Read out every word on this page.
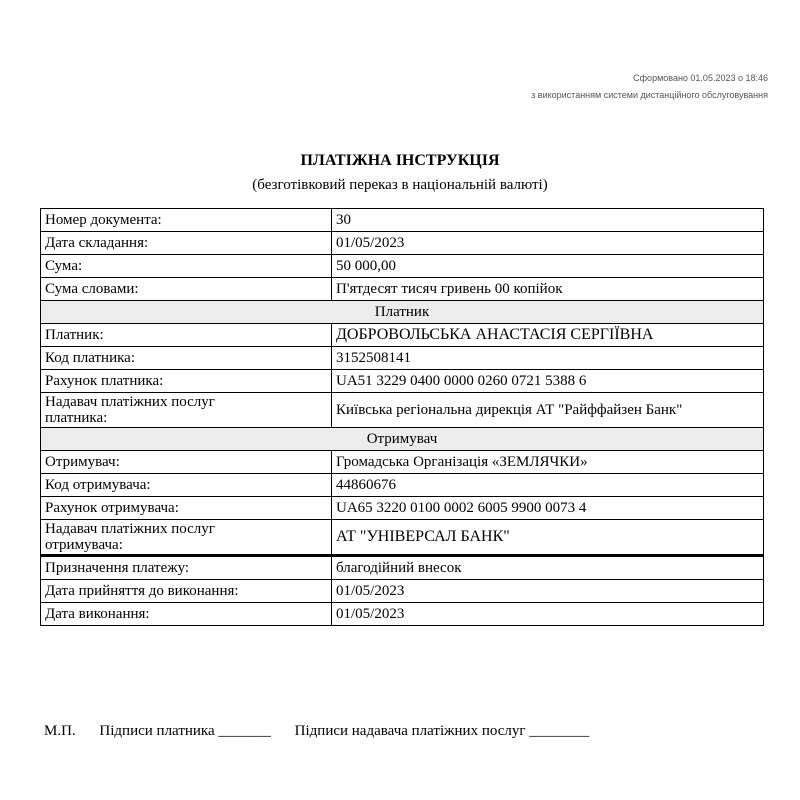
Сформовано 01.05.2023 о 18:46
з використанням системи дистанційного обслуговування
ПЛАТІЖНА ІНСТРУКЦІЯ
(безготівковий переказ в національній валюті)
Номер документа:	30
Дата складання:	01/05/2023
Сума:	50 000,00
Сума словами:	П'ятдесят тисяч гривень 00 копійок
Платник	
Платник:	ДОБРОВОЛЬСЬКА АНАСТАСІЯ СЕРГІЇВНА
Код платника:	3152508141
Рахунок платника:	UA51 3229 0400 0000 0260 0721 5388 6

Надавач платіжних послуг
платника:	Київська регіональна дирекція АТ "Райффайзен Банк"
Отримувач	
Отримувач:	Громадська Організація «ЗЕМЛЯЧКИ»
Код отримувача:	44860676
Рахунок отримувача:	UA65 3220 0100 0002 6005 9900 0073 4

Надавач платіжних послуг
отримувача:	АТ "УНІВЕРСАЛ БАНК"
Призначення платежу:	благодійний внесок
Дата прийняття до виконання:	01/05/2023
Дата виконання:	01/05/2023
М.П. Підписи платника _______ Підписи надавача платіжних послуг ________
